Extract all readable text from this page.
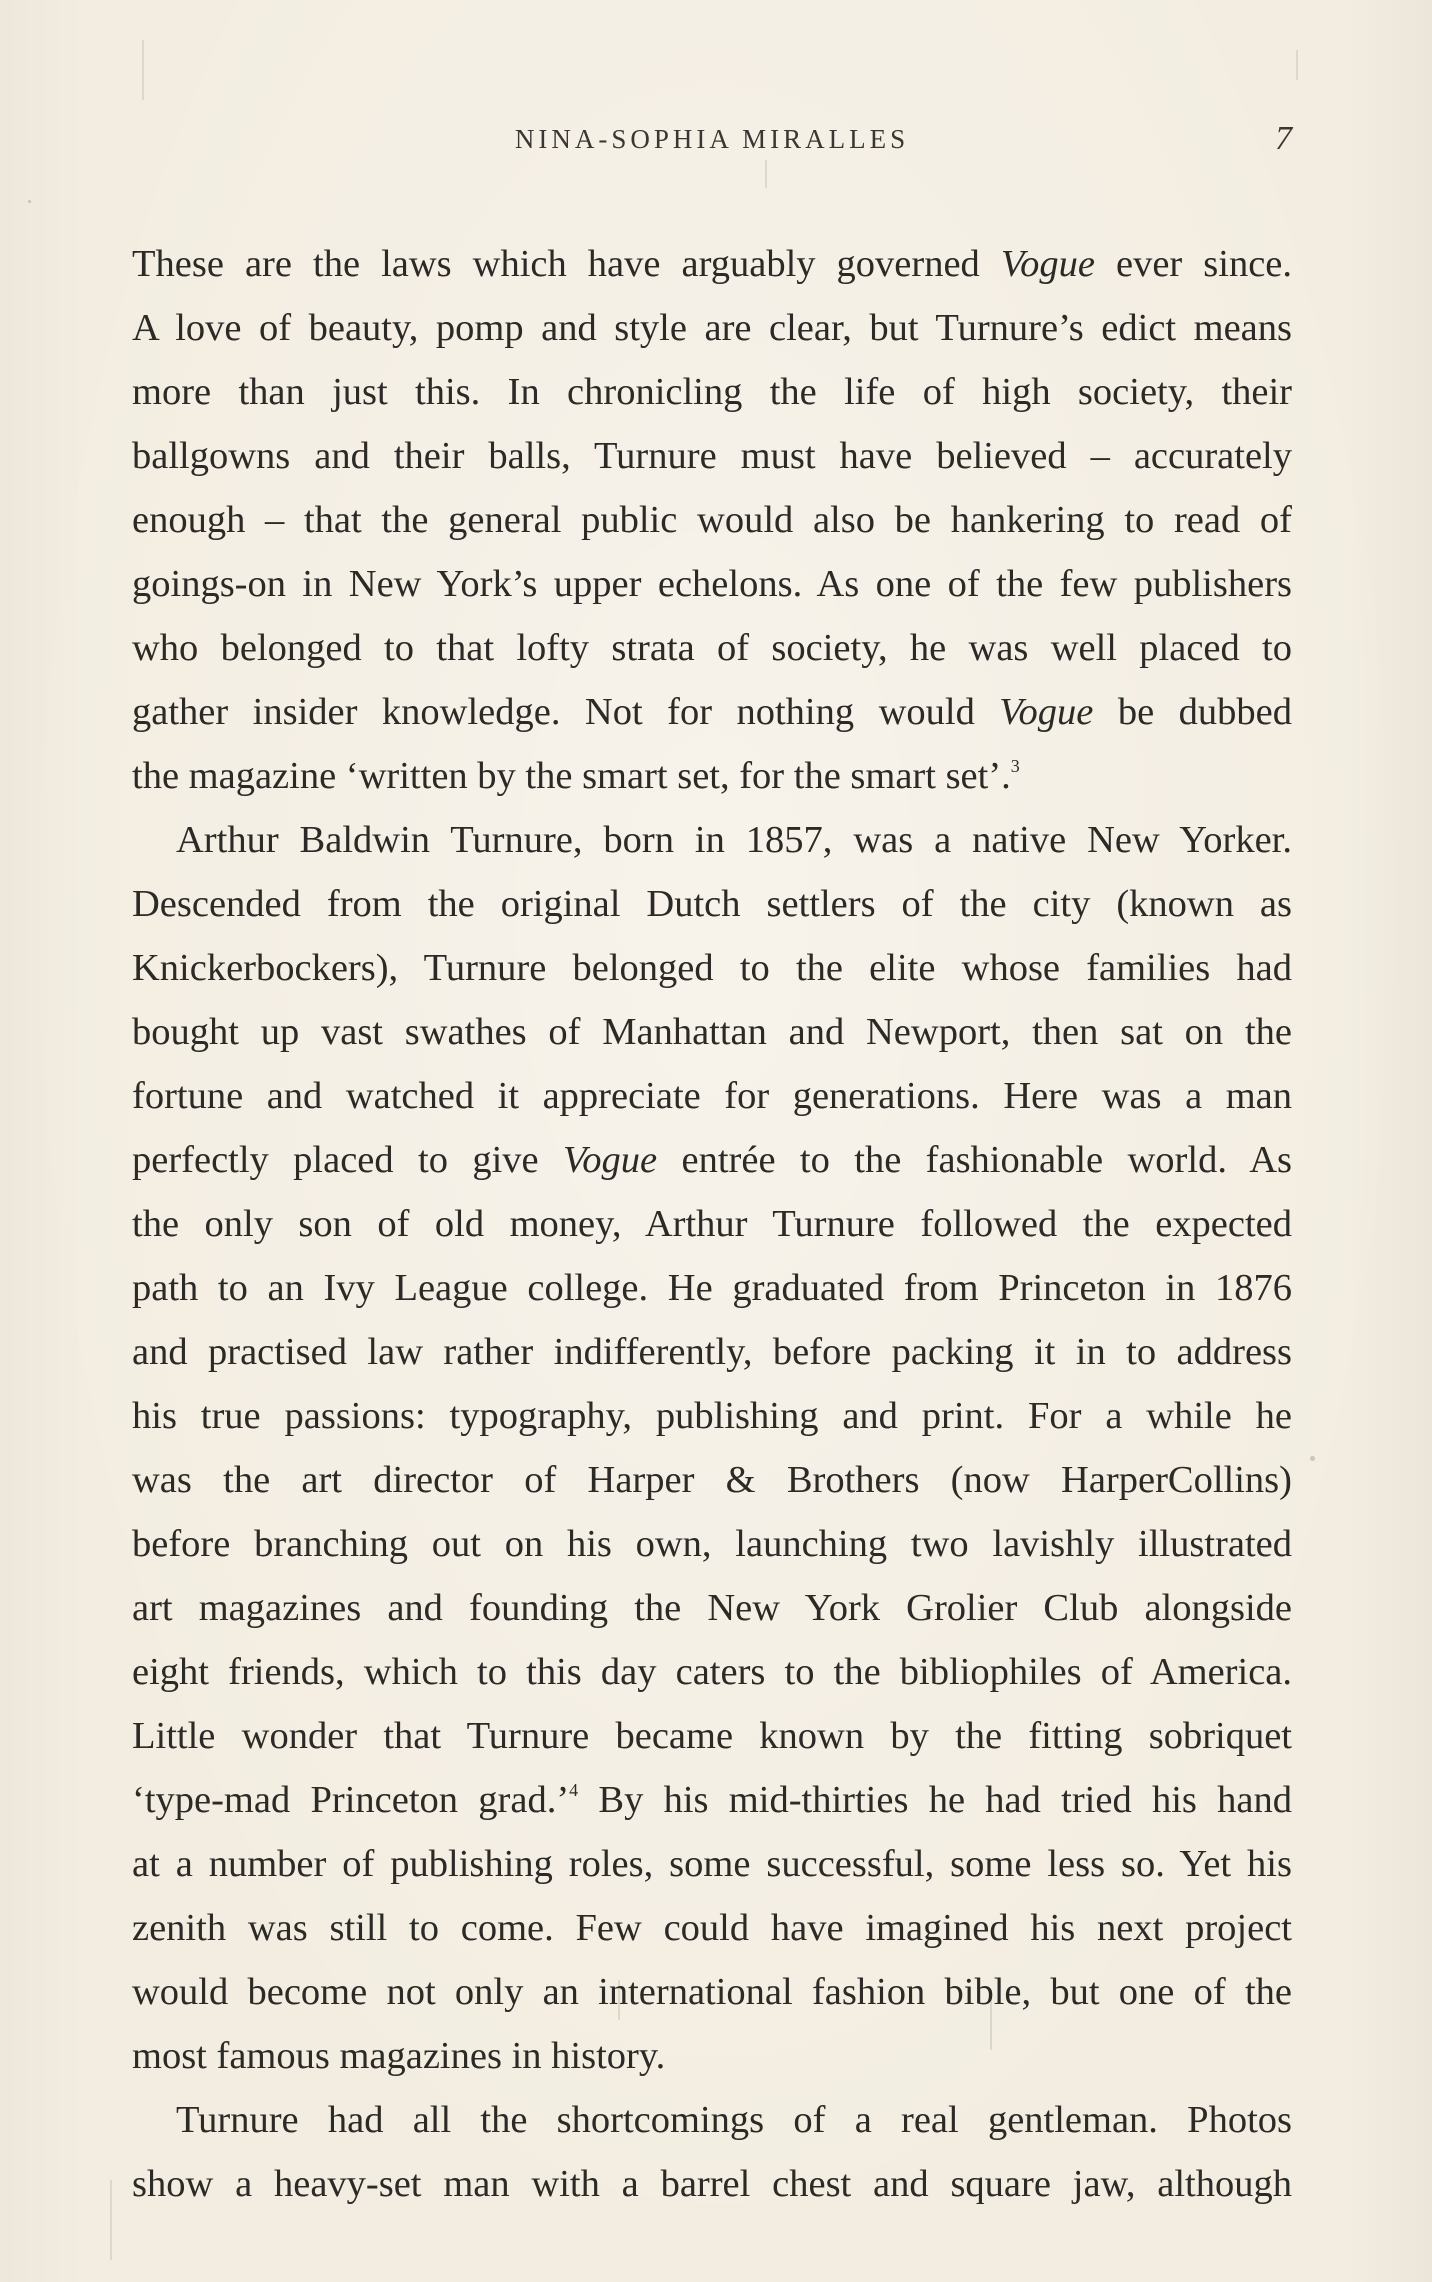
NINA-SOPHIA MIRALLES	7
These are the laws which have arguably governed Vogue ever since.
A love of beauty, pomp and style are clear, but Turnure’s edict means
more than just this. In chronicling the life of high society, their
ballgowns and their balls, Turnure must have believed – accurately
enough – that the general public would also be hankering to read of
goings-on in New York’s upper echelons. As one of the few publishers
who belonged to that lofty strata of society, he was well placed to
gather insider knowledge. Not for nothing would Vogue be dubbed
the magazine ‘written by the smart set, for the smart set’.$^3$
Arthur Baldwin Turnure, born in 1857, was a native New Yorker.
Descended from the original Dutch settlers of the city (known as
Knickerbockers), Turnure belonged to the elite whose families had
bought up vast swathes of Manhattan and Newport, then sat on the
fortune and watched it appreciate for generations. Here was a man
perfectly placed to give Vogue entrée to the fashionable world. As
the only son of old money, Arthur Turnure followed the expected
path to an Ivy League college. He graduated from Princeton in 1876
and practised law rather indifferently, before packing it in to address
his true passions: typography, publishing and print. For a while he
was the art director of Harper & Brothers (now HarperCollins)
before branching out on his own, launching two lavishly illustrated
art magazines and founding the New York Grolier Club alongside
eight friends, which to this day caters to the bibliophiles of America.
Little wonder that Turnure became known by the fitting sobriquet
‘type-mad Princeton grad.’$^4$ By his mid-thirties he had tried his hand
at a number of publishing roles, some successful, some less so. Yet his
zenith was still to come. Few could have imagined his next project
would become not only an international fashion bible, but one of the
most famous magazines in history.
Turnure had all the shortcomings of a real gentleman. Photos
show a heavy-set man with a barrel chest and square jaw, although
